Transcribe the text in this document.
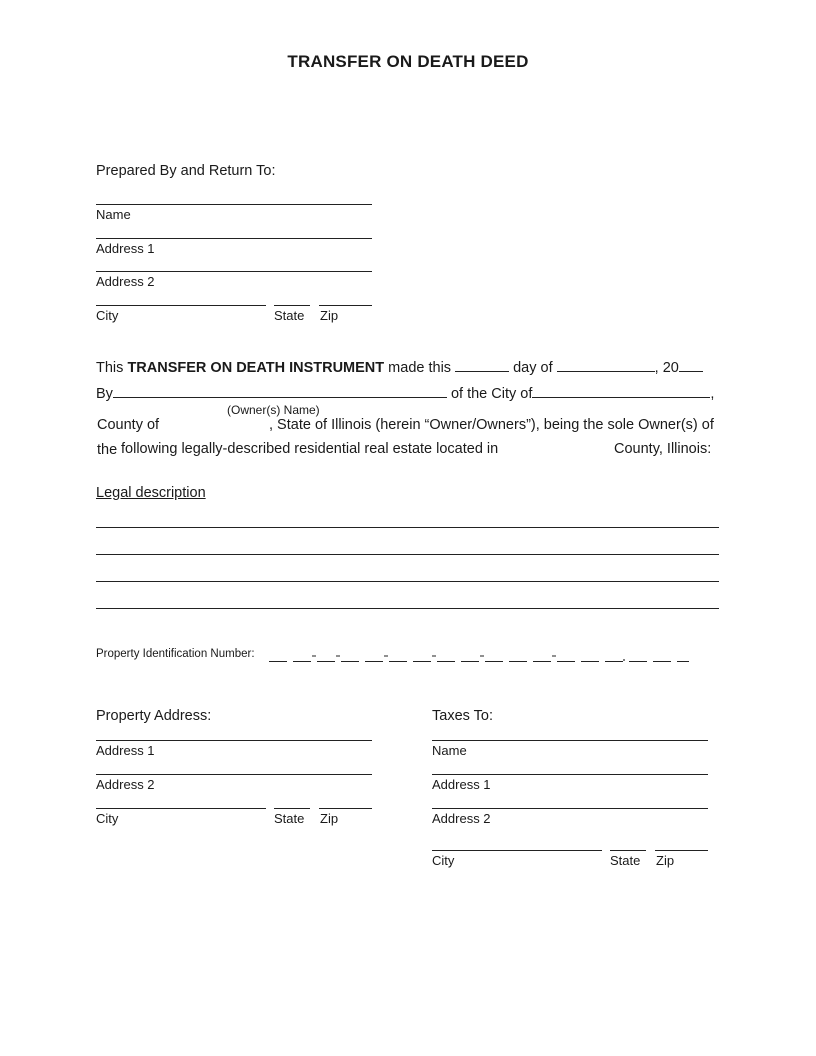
TRANSFER ON DEATH DEED
Prepared By and Return To:
Name
Address 1
Address 2
City	State Zip
This TRANSFER ON DEATH INSTRUMENT made this	day of	, 20
By	of the City of	,
(Owner(s) Name)
County of	, State of Illinois (herein “Owner/Owners”), being the sole Owner(s) of
the following legally-described residential real estate located in	County, Illinois:
Legal description
Property Identification Number:
Property Address:
Address 1
Address 2
City	State Zip
Taxes To:
Name
Address 1
Address 2
City	State Zip
